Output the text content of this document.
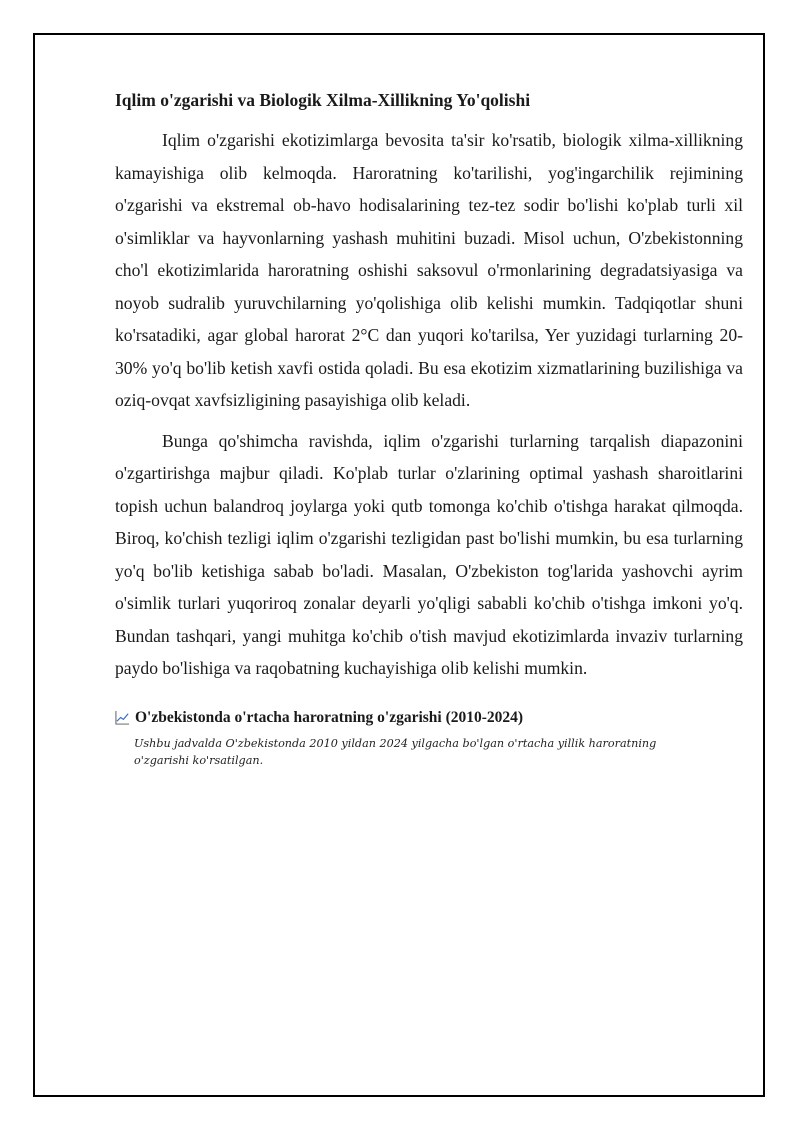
Iqlim o'zgarishi va Biologik Xilma-Xillikning Yo'qolishi

Iqlim o'zgarishi ekotizimlarga bevosita ta'sir ko'rsatib, biologik xilma-xillikning kamayishiga olib kelmoqda. Haroratning ko'tarilishi, yog'ingarchilik rejimining o'zgarishi va ekstremal ob-havo hodisalarining tez-tez sodir bo'lishi ko'plab turli xil o'simliklar va hayvonlarning yashash muhitini buzadi. Misol uchun, O'zbekistonning cho'l ekotizimlarida haroratning oshishi saksovul o'rmonlarining degradatsiyasiga va noyob sudralib yuruvchilarning yo'qolishiga olib kelishi mumkin. Tadqiqotlar shuni ko'rsatadiki, agar global harorat 2°C dan yuqori ko'tarilsa, Yer yuzidagi turlarning 20-30% yo'q bo'lib ketish xavfi ostida qoladi. Bu esa ekotizim xizmatlarining buzilishiga va oziq-ovqat xavfsizligining pasayishiga olib keladi.

Bunga qo'shimcha ravishda, iqlim o'zgarishi turlarning tarqalish diapazonini o'zgartirishga majbur qiladi. Ko'plab turlar o'zlarining optimal yashash sharoitlarini topish uchun balandroq joylarga yoki qutb tomonga ko'chib o'tishga harakat qilmoqda. Biroq, ko'chish tezligi iqlim o'zgarishi tezligidan past bo'lishi mumkin, bu esa turlarning yo'q bo'lib ketishiga sabab bo'ladi. Masalan, O'zbekiston tog'larida yashovchi ayrim o'simlik turlari yuqoriroq zonalar deyarli yo'qligi sababli ko'chib o'tishga imkoni yo'q. Bundan tashqari, yangi muhitga ko'chib o'tish mavjud ekotizimlarda invaziv turlarning paydo bo'lishiga va raqobatning kuchayishiga olib kelishi mumkin.

O'zbekistonda o'rtacha haroratning o'zgarishi (2010-2024)
Ushbu jadvalda O'zbekistonda 2010 yildan 2024 yilgacha bo'lgan o'rtacha yillik haroratning o'zgarishi ko'rsatilgan.
